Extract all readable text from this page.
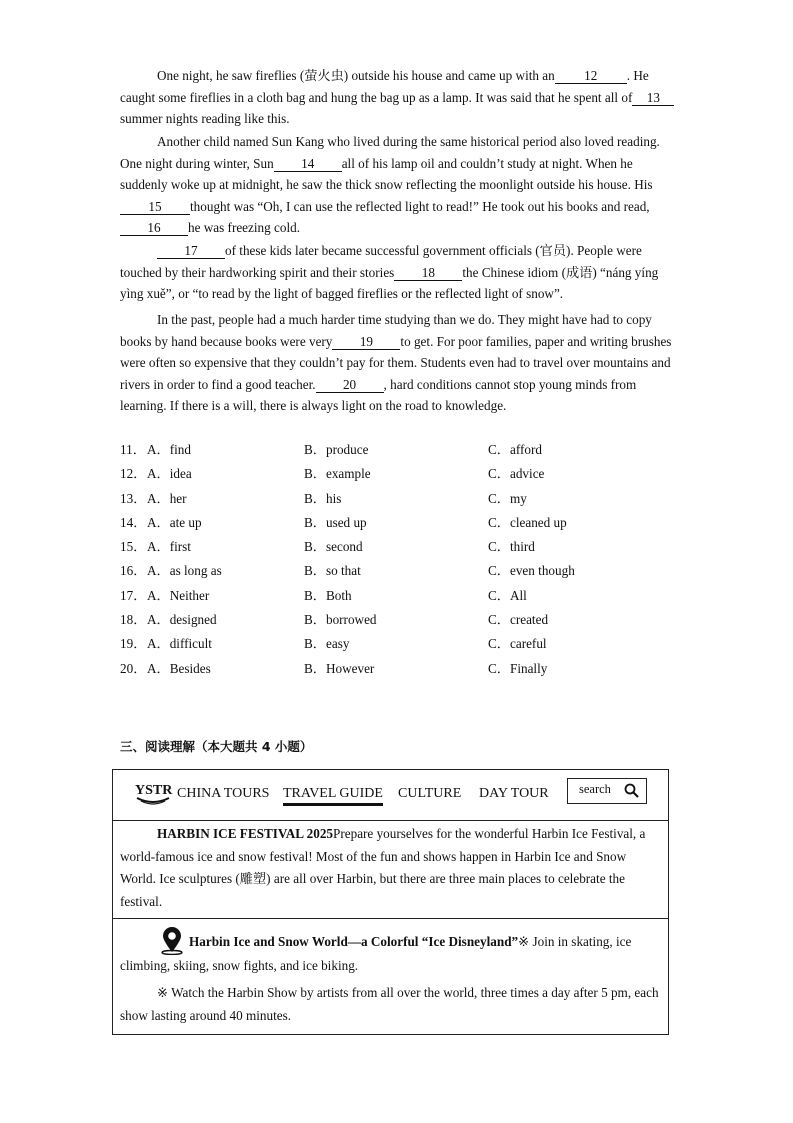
One night, he saw fireflies (萤火虫) outside his house and came up with an 12 . He caught some fireflies in a cloth bag and hung the bag up as a lamp. It was said that he spent all of 13summer nights reading like this.

Another child named Sun Kang who lived during the same historical period also loved reading. One night during winter, Sun 14 all of his lamp oil and couldn’t study at night. When he suddenly woke up at midnight, he saw the thick snow reflecting the moonlight outside his house. His15 thought was “Oh, I can use the reflected light to read!” He took out his books and read,16 he was freezing cold.

17 of these kids later became successful government officials (官员). People were touched by their hardworking spirit and their stories 18 the Chinese idiom (成语) “náng yíng yìng xuě”, or “to read by the light of bagged fireflies or the reflected light of snow”.

In the past, people had a much harder time studying than we do. They might have had to copy books by hand because books were very 19 to get. For poor families, paper and writing brushes were often so expensive that they couldn’t pay for them. Students even had to travel over mountains and rivers in order to find a good teacher. 20 , hard conditions cannot stop young minds from learning. If there is a will, there is always light on the road to knowledge.

11． A．find	B．produce	C．afford
12． A．idea	B．example	C．advice
13． A．her	B．his	C．my
14． A．ate up	B．used up	C．cleaned up
15． A．first	B．second	C．third
16． A．as long as	B．so that	C．even though
17． A．Neither	B．Both	C．All
18． A．designed	B．borrowed	C．created
19． A．difficult	B．easy	C．careful
20． A．Besides	B．However	C．Finally
三、阅读理解（本大题共 4 小题）
YSTR CHINA TOURS TRAVEL GUIDE CULTURE DAY TOUR search

HARBIN ICE FESTIVAL 2025Prepare yourselves for the wonderful Harbin Ice Festival, a world-famous ice and snow festival! Most of the fun and shows happen in Harbin Ice and Snow World. Ice sculptures (雕塑) are all over Harbin, but there are three main places to celebrate the festival.

Harbin Ice and Snow World—a Colorful “Ice Disneyland”※ Join in skating, ice climbing, skiing, snow fights, and ice biking.

※ Watch the Harbin Show by artists from all over the world, three times a day after 5 pm, each show lasting around 40 minutes.
